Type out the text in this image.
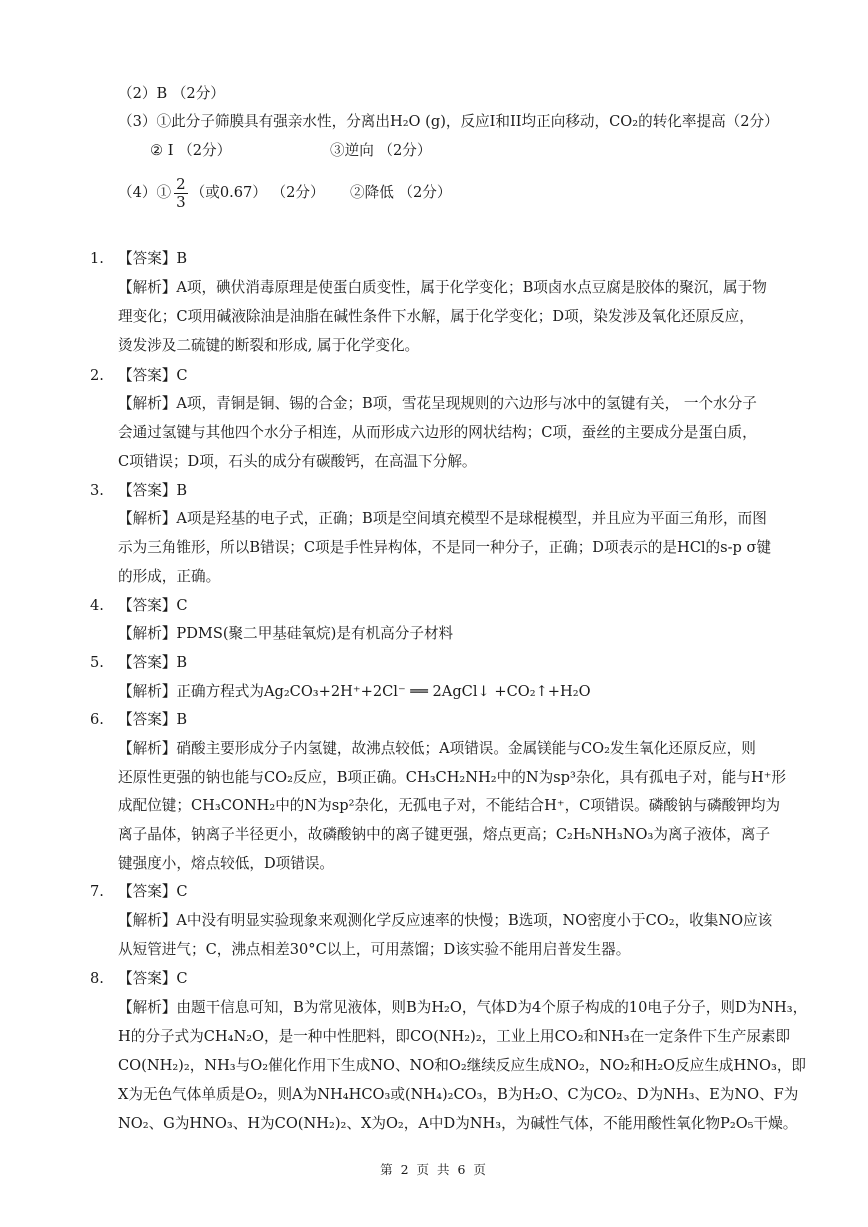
（2）B （2分）
（3）①此分子筛膜具有强亲水性，分离出H₂O (g)，反应I和II均正向移动，CO₂的转化率提高（2分）
② I （2分）	③逆向 （2分）
（4）① $\frac{2}{3}$ （或0.67） （2分） ②降低 （2分）
1. 【答案】B
【解析】A项，碘伏消毒原理是使蛋白质变性，属于化学变化；B项卤水点豆腐是胶体的聚沉，属于物
理变化；C项用碱液除油是油脂在碱性条件下水解，属于化学变化；D项，染发涉及氧化还原反应，
烫发涉及二硫键的断裂和形成, 属于化学变化。
2. 【答案】C
【解析】A项，青铜是铜、锡的合金；B项，雪花呈现规则的六边形与冰中的氢键有关， 一个水分子
会通过氢键与其他四个水分子相连，从而形成六边形的网状结构；C项，蚕丝的主要成分是蛋白质，
C项错误；D项，石头的成分有碳酸钙，在高温下分解。
3. 【答案】B
【解析】A项是羟基的电子式，正确；B项是空间填充模型不是球棍模型，并且应为平面三角形，而图
示为三角锥形，所以B错误；C项是手性异构体，不是同一种分子，正确；D项表示的是HCl的s-p σ键
的形成，正确。
4. 【答案】C
【解析】PDMS(聚二甲基硅氧烷)是有机高分子材料
5. 【答案】B
【解析】正确方程式为Ag₂CO₃+2H⁺+2Cl⁻ ══ 2AgCl↓ +CO₂↑+H₂O
6. 【答案】B
【解析】硝酸主要形成分子内氢键，故沸点较低；A项错误。金属镁能与CO₂发生氧化还原反应，则
还原性更强的钠也能与CO₂反应，B项正确。CH₃CH₂NH₂中的N为sp³杂化，具有孤电子对，能与H⁺形
成配位键；CH₃CONH₂中的N为sp²杂化，无孤电子对，不能结合H⁺，C项错误。磷酸钠与磷酸钾均为
离子晶体，钠离子半径更小，故磷酸钠中的离子键更强，熔点更高；C₂H₅NH₃NO₃为离子液体，离子
键强度小，熔点较低，D项错误。
7. 【答案】C
【解析】A中没有明显实验现象来观测化学反应速率的快慢；B选项，NO密度小于CO₂，收集NO应该
从短管进气；C，沸点相差30°C以上，可用蒸馏；D该实验不能用启普发生器。
8. 【答案】C
【解析】由题干信息可知，B为常见液体，则B为H₂O，气体D为4个原子构成的10电子分子，则D为NH₃，
H的分子式为CH₄N₂O，是一种中性肥料，即CO(NH₂)₂，工业上用CO₂和NH₃在一定条件下生产尿素即
CO(NH₂)₂，NH₃与O₂催化作用下生成NO、NO和O₂继续反应生成NO₂，NO₂和H₂O反应生成HNO₃，即
X为无色气体单质是O₂，则A为NH₄HCO₃或(NH₄)₂CO₃，B为H₂O、C为CO₂、D为NH₃、E为NO、F为
NO₂、G为HNO₃、H为CO(NH₂)₂、X为O₂，A中D为NH₃，为碱性气体，不能用酸性氧化物P₂O₅干燥。
第 2 页 共 6 页
